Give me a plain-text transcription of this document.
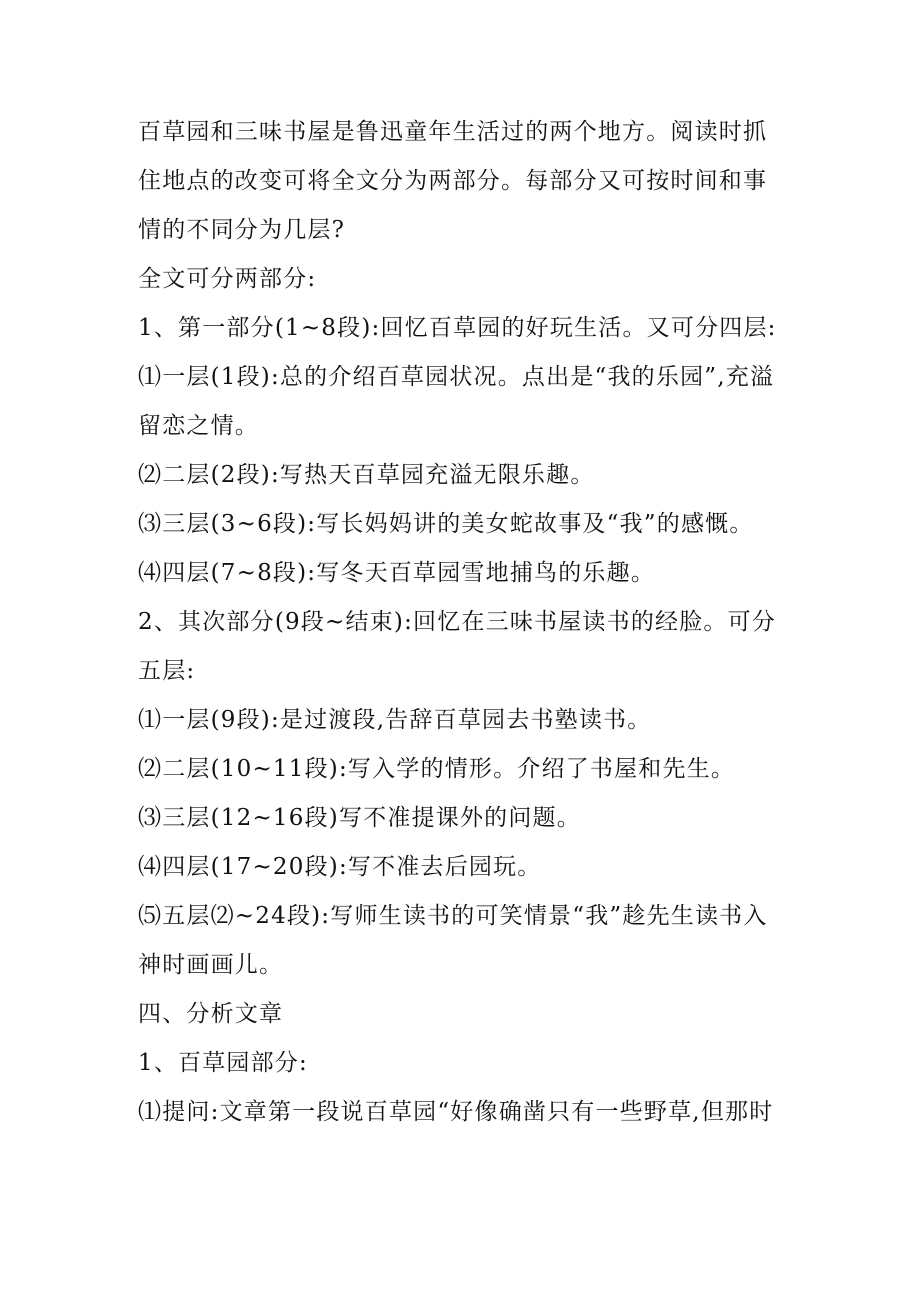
百草园和三味书屋是鲁迅童年生活过的两个地方。阅读时抓住地点的改变可将全文分为两部分。每部分又可按时间和事情的不同分为几层?

全文可分两部分:

1、第一部分(1~8段):回忆百草园的好玩生活。又可分四层:

⑴一层(1段):总的介绍百草园状况。点出是“我的乐园”,充溢留恋之情。

⑵二层(2段):写热天百草园充溢无限乐趣。

⑶三层(3~6段):写长妈妈讲的美女蛇故事及“我”的感慨。

⑷四层(7~8段):写冬天百草园雪地捕鸟的乐趣。

2、其次部分(9段~结束):回忆在三味书屋读书的经脸。可分五层:

⑴一层(9段):是过渡段,告辞百草园去书塾读书。

⑵二层(10~11段):写入学的情形。介绍了书屋和先生。

⑶三层(12~16段)写不准提课外的问题。

⑷四层(17~20段):写不准去后园玩。

⑸五层⑵~24段):写师生读书的可笑情景“我”趁先生读书入神时画画儿。

四、分析文章

1、百草园部分:

⑴提问:文章第一段说百草园“好像确凿只有一些野草,但那时
